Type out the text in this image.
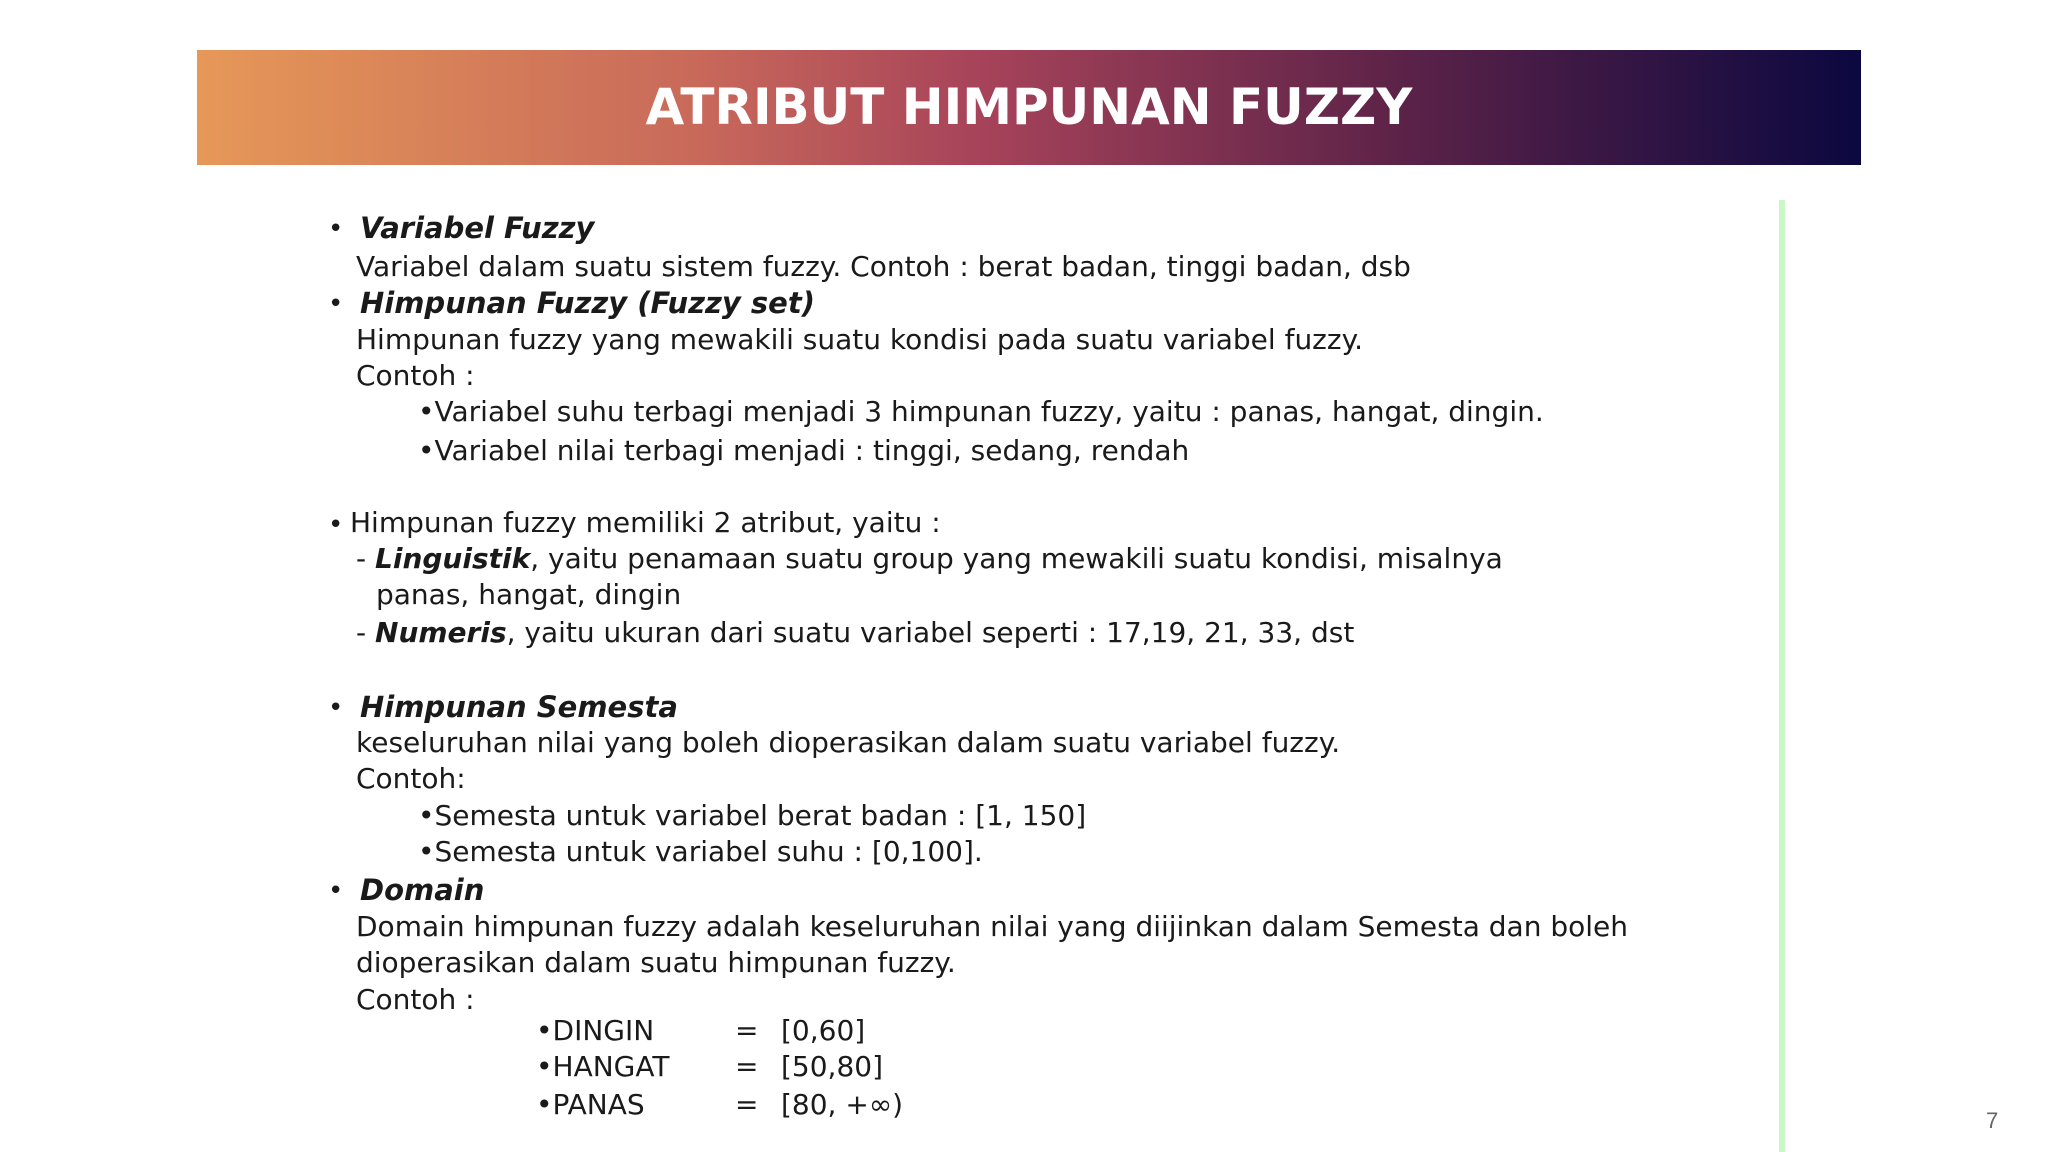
ATRIBUT HIMPUNAN FUZZY
• Variabel Fuzzy
Variabel dalam suatu sistem fuzzy. Contoh : berat badan, tinggi badan, dsb
• Himpunan Fuzzy (Fuzzy set)
Himpunan fuzzy yang mewakili suatu kondisi pada suatu variabel fuzzy.
Contoh :
•Variabel suhu terbagi menjadi 3 himpunan fuzzy, yaitu : panas, hangat, dingin.
•Variabel nilai terbagi menjadi : tinggi, sedang, rendah
• Himpunan fuzzy memiliki 2 atribut, yaitu :
- Linguistik, yaitu penamaan suatu group yang mewakili suatu kondisi, misalnya
panas, hangat, dingin
- Numeris, yaitu ukuran dari suatu variabel seperti : 17,19, 21, 33, dst
• Himpunan Semesta
keseluruhan nilai yang boleh dioperasikan dalam suatu variabel fuzzy.
Contoh:
•Semesta untuk variabel berat badan : [1, 150]
•Semesta untuk variabel suhu : [0,100].
• Domain
Domain himpunan fuzzy adalah keseluruhan nilai yang diijinkan dalam Semesta dan boleh
dioperasikan dalam suatu himpunan fuzzy.
Contoh :
•DINGIN	= [0,60]
•HANGAT = [50,80]
•PANAS	= [80, +∞)	7
